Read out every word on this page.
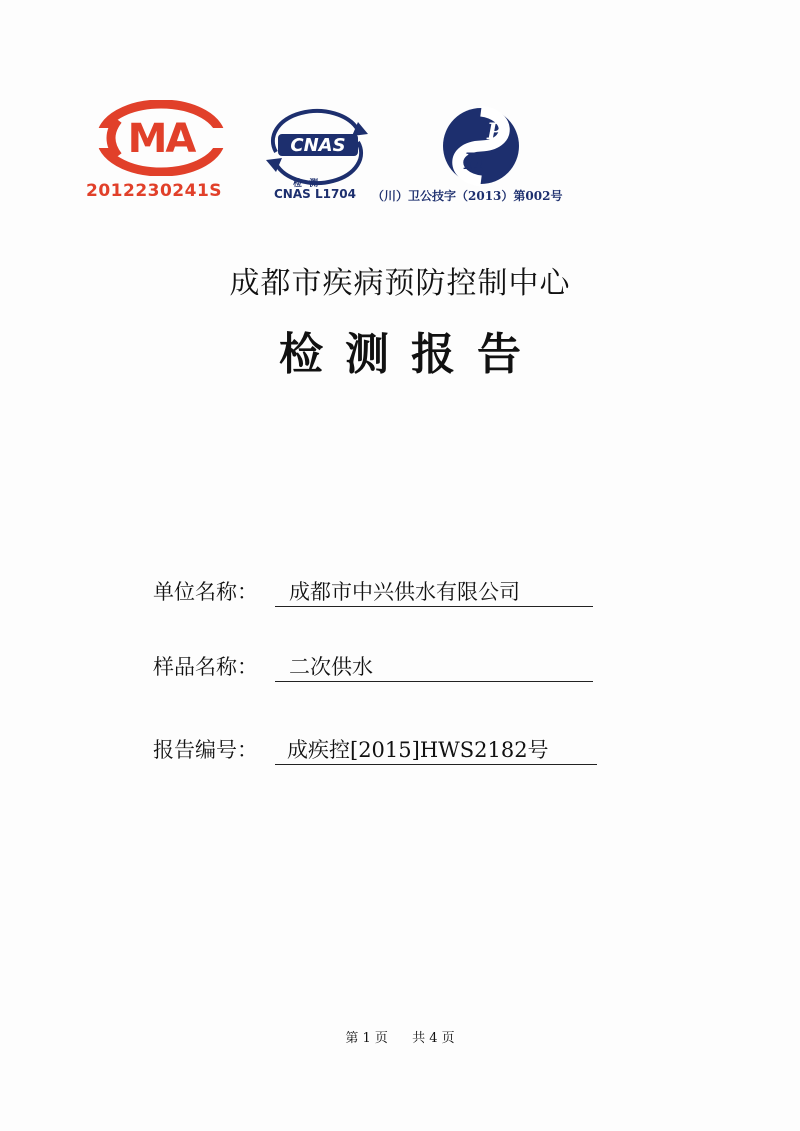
MA
2012230241S
CNAS
检 测
CNAS L1704
P
H
（川）卫公技字（2013）第002号
成都市疾病预防控制中心
检测报告
单位名称： 成都市中兴供水有限公司
样品名称： 二次供水
报告编号： 成疾控[2015]HWS2182号
第 1 页 共 4 页
